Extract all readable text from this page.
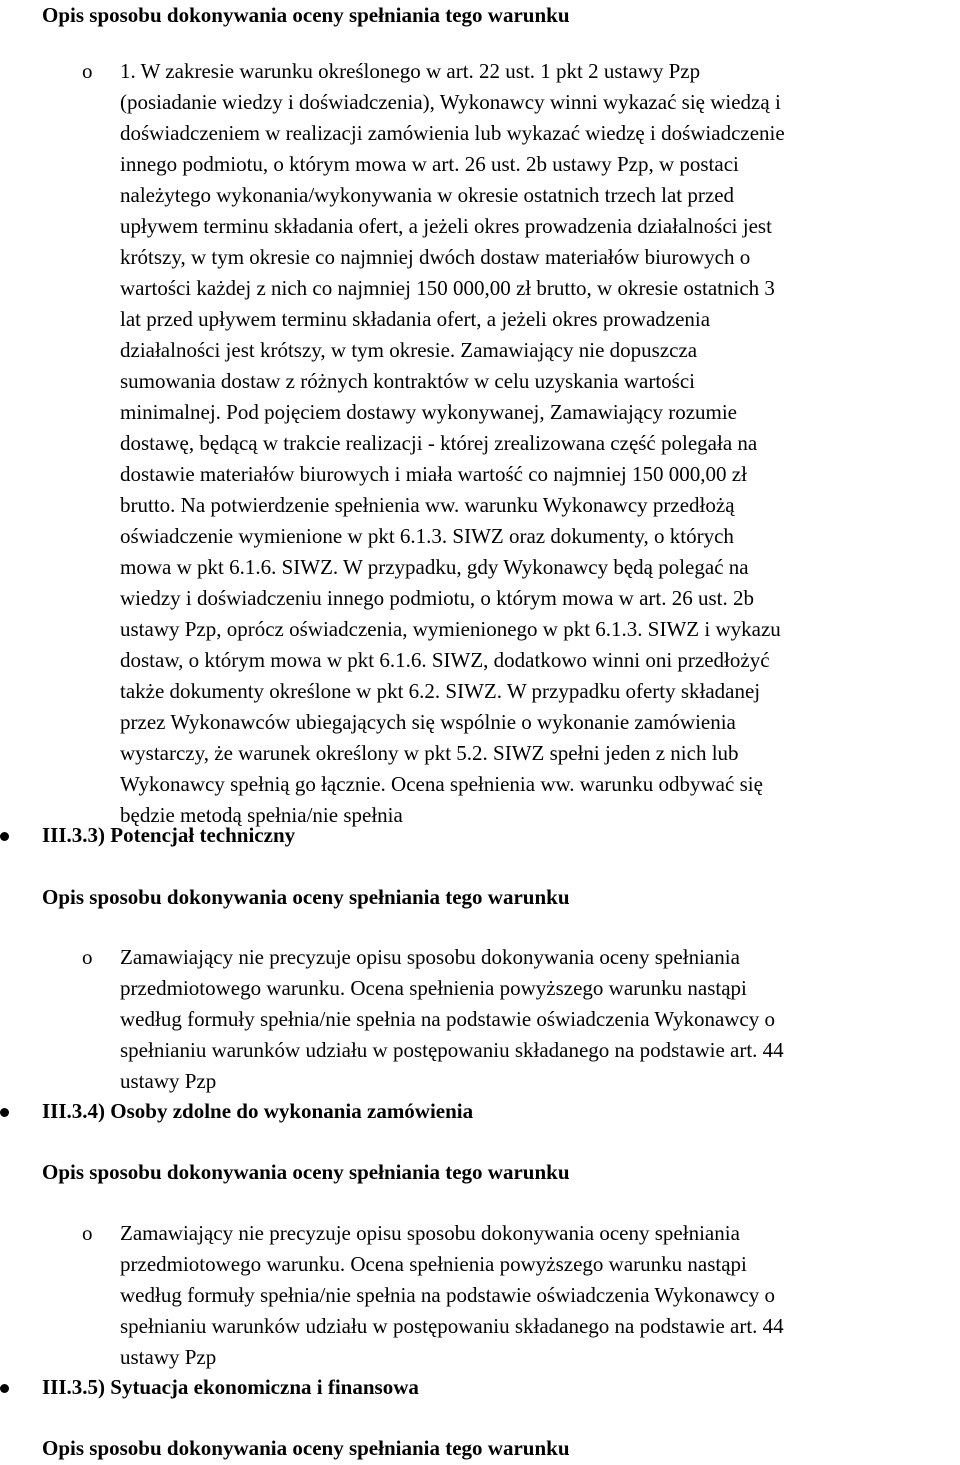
Opis sposobu dokonywania oceny spełniania tego warunku
o 1. W zakresie warunku określonego w art. 22 ust. 1 pkt 2 ustawy Pzp
(posiadanie wiedzy i doświadczenia), Wykonawcy winni wykazać się wiedzą i
doświadczeniem w realizacji zamówienia lub wykazać wiedzę i doświadczenie
innego podmiotu, o którym mowa w art. 26 ust. 2b ustawy Pzp, w postaci
należytego wykonania/wykonywania w okresie ostatnich trzech lat przed
upływem terminu składania ofert, a jeżeli okres prowadzenia działalności jest
krótszy, w tym okresie co najmniej dwóch dostaw materiałów biurowych o
wartości każdej z nich co najmniej 150 000,00 zł brutto, w okresie ostatnich 3
lat przed upływem terminu składania ofert, a jeżeli okres prowadzenia
działalności jest krótszy, w tym okresie. Zamawiający nie dopuszcza
sumowania dostaw z różnych kontraktów w celu uzyskania wartości
minimalnej. Pod pojęciem dostawy wykonywanej, Zamawiający rozumie
dostawę, będącą w trakcie realizacji - której zrealizowana część polegała na
dostawie materiałów biurowych i miała wartość co najmniej 150 000,00 zł
brutto. Na potwierdzenie spełnienia ww. warunku Wykonawcy przedłożą
oświadczenie wymienione w pkt 6.1.3. SIWZ oraz dokumenty, o których
mowa w pkt 6.1.6. SIWZ. W przypadku, gdy Wykonawcy będą polegać na
wiedzy i doświadczeniu innego podmiotu, o którym mowa w art. 26 ust. 2b
ustawy Pzp, oprócz oświadczenia, wymienionego w pkt 6.1.3. SIWZ i wykazu
dostaw, o którym mowa w pkt 6.1.6. SIWZ, dodatkowo winni oni przedłożyć
także dokumenty określone w pkt 6.2. SIWZ. W przypadku oferty składanej
przez Wykonawców ubiegających się wspólnie o wykonanie zamówienia
wystarczy, że warunek określony w pkt 5.2. SIWZ spełni jeden z nich lub
Wykonawcy spełnią go łącznie. Ocena spełnienia ww. warunku odbywać się
będzie metodą spełnia/nie spełnia
III.3.3) Potencjał techniczny
Opis sposobu dokonywania oceny spełniania tego warunku
o Zamawiający nie precyzuje opisu sposobu dokonywania oceny spełniania
przedmiotowego warunku. Ocena spełnienia powyższego warunku nastąpi
według formuły spełnia/nie spełnia na podstawie oświadczenia Wykonawcy o
spełnianiu warunków udziału w postępowaniu składanego na podstawie art. 44
ustawy Pzp
III.3.4) Osoby zdolne do wykonania zamówienia
Opis sposobu dokonywania oceny spełniania tego warunku
o Zamawiający nie precyzuje opisu sposobu dokonywania oceny spełniania
przedmiotowego warunku. Ocena spełnienia powyższego warunku nastąpi
według formuły spełnia/nie spełnia na podstawie oświadczenia Wykonawcy o
spełnianiu warunków udziału w postępowaniu składanego na podstawie art. 44
ustawy Pzp
III.3.5) Sytuacja ekonomiczna i finansowa
Opis sposobu dokonywania oceny spełniania tego warunku
